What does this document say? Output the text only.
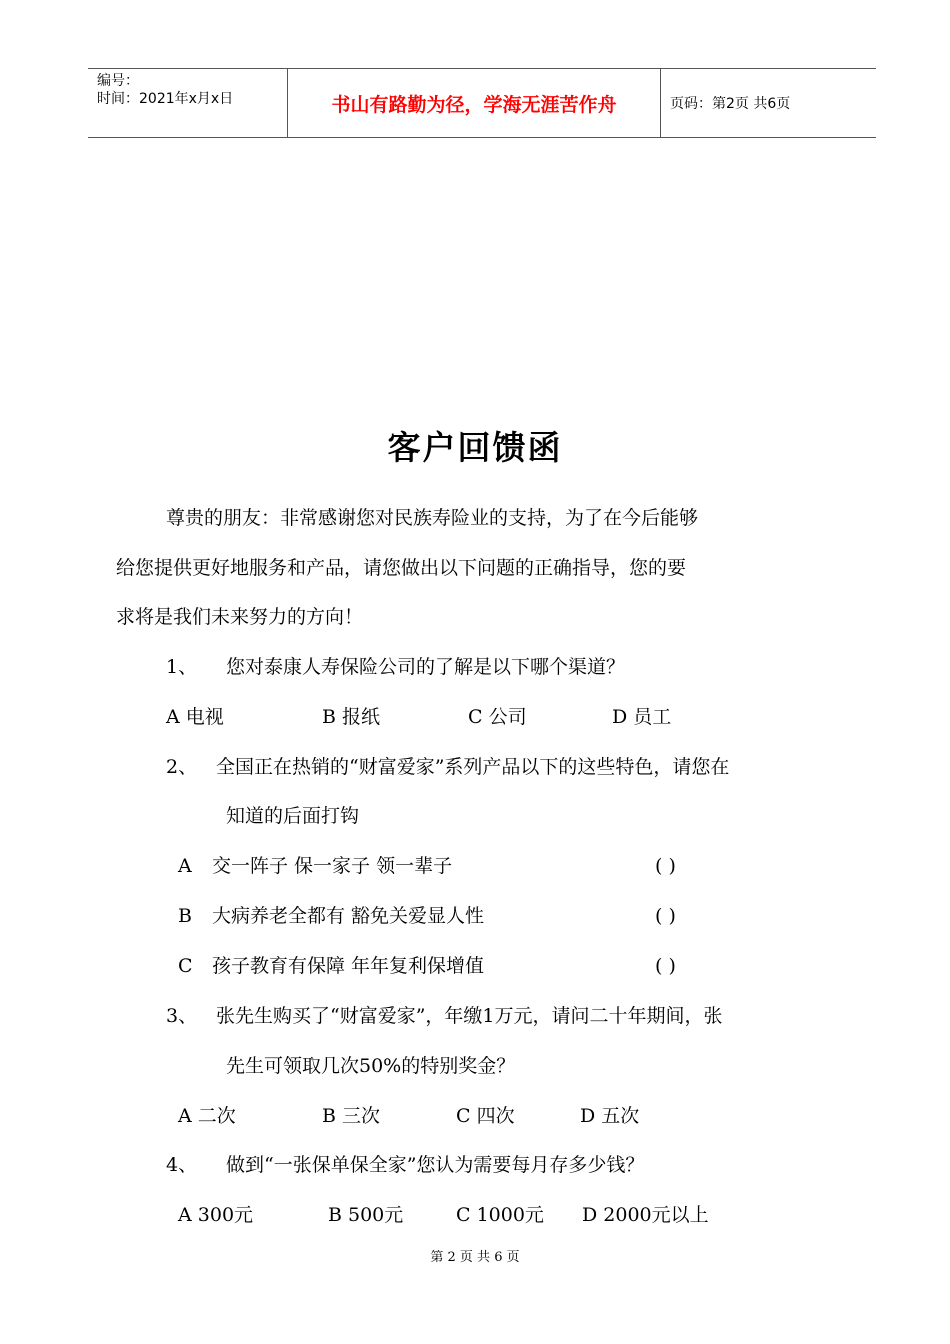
编号：
时间：2021年x月x日	书山有路勤为径，学海无涯苦作舟	页码：第2页 共6页
客户回馈函
尊贵的朋友：非常感谢您对民族寿险业的支持，为了在今后能够
给您提供更好地服务和产品，请您做出以下问题的正确指导，您的要
求将是我们未来努力的方向！
1、 您对泰康人寿保险公司的了解是以下哪个渠道？
A 电视	B 报纸	C 公司	D 员工
2、 全国正在热销的“财富爱家”系列产品以下的这些特色，请您在
知道的后面打钩
A 交一阵子 保一家子 领一辈子	( )
B 大病养老全都有 豁免关爱显人性	( )
C 孩子教育有保障 年年复利保增值	( )
3、 张先生购买了“财富爱家”，年缴1万元，请问二十年期间，张
先生可领取几次50%的特别奖金？
A 二次	B 三次	C 四次	D 五次
4、 做到“一张保单保全家”您认为需要每月存多少钱？
A 300元	B 500元	C 1000元 D 2000元以上
第 2 页 共 6 页
